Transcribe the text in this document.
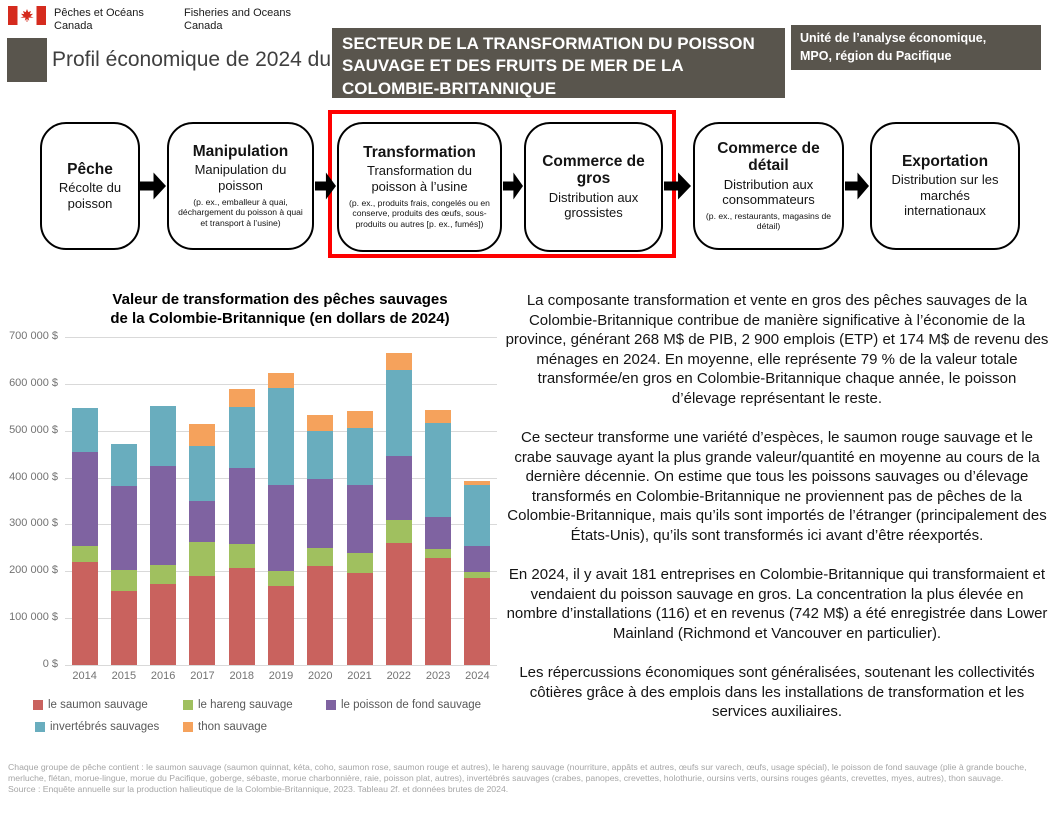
Pêches et Océans
Canada
Fisheries and Oceans
Canada
Profil économique de 2024 du
SECTEUR DE LA TRANSFORMATION DU POISSON SAUVAGE ET DES FRUITS DE MER DE LA COLOMBIE-BRITANNIQUE
Unité de l’analyse économique,
MPO, région du Pacifique
Pêche
Récolte du poisson
Manipulation
Manipulation du poisson
(p. ex., emballeur à quai, déchargement du poisson à quai et transport à l’usine)
Transformation
Transformation du poisson à l’usine
(p. ex., produits frais, congelés ou en conserve, produits des œufs, sous-produits ou autres [p. ex., fumés])
Commerce de gros
Distribution aux grossistes
Commerce de détail
Distribution aux consommateurs
(p. ex., restaurants, magasins de détail)
Exportation
Distribution sur les marchés internationaux
Valeur de transformation des pêches sauvages
de la Colombie-Britannique (en dollars de 2024)
0 $
100 000 $
200 000 $
300 000 $
400 000 $
500 000 $
600 000 $
700 000 $
2014	2015	2016	2017	2018	2019	2020	2021	2022	2023	2024
le saumon sauvage	le hareng sauvage	le poisson de fond sauvage
invertébrés sauvages	thon sauvage

La composante transformation et vente en gros des pêches sauvages de la Colombie-Britannique contribue de manière significative à l’économie de la province, générant 268 M$ de PIB, 2 900 emplois (ETP) et 174 M$ de revenu des ménages en 2024. En moyenne, elle représente 79 % de la valeur totale transformée/en gros en Colombie-Britannique chaque année, le poisson d’élevage représentant le reste.

Ce secteur transforme une variété d’espèces, le saumon rouge sauvage et le crabe sauvage ayant la plus grande valeur/quantité en moyenne au cours de la dernière décennie. On estime que tous les poissons sauvages ou d’élevage transformés en Colombie-Britannique ne proviennent pas de pêches de la Colombie-Britannique, mais qu’ils sont importés de l’étranger (principalement des États-Unis), qu’ils sont transformés ici avant d’être réexportés.

En 2024, il y avait 181 entreprises en Colombie-Britannique qui transformaient et vendaient du poisson sauvage en gros. La concentration la plus élevée en nombre d’installations (116) et en revenus (742 M$) a été enregistrée dans Lower Mainland (Richmond et Vancouver en particulier).

Les répercussions économiques sont généralisées, soutenant les collectivités côtières grâce à des emplois dans les installations de transformation et les services auxiliaires.

Chaque groupe de pêche contient : le saumon sauvage (saumon quinnat, kéta, coho, saumon rose, saumon rouge et autres), le hareng sauvage (nourriture, appâts et autres, œufs sur varech, œufs, usage spécial), le poisson de fond sauvage (plie à grande bouche, merluche, flétan, morue-lingue, morue du Pacifique, goberge, sébaste, morue charbonnière, raie, poisson plat, autres), invertébrés sauvages (crabes, panopes, crevettes, holothurie, oursins verts, oursins rouges géants, crevettes, myes, autres), thon sauvage.
Source : Enquête annuelle sur la production halieutique de la Colombie-Britannique, 2023. Tableau 2f. et données brutes de 2024.
